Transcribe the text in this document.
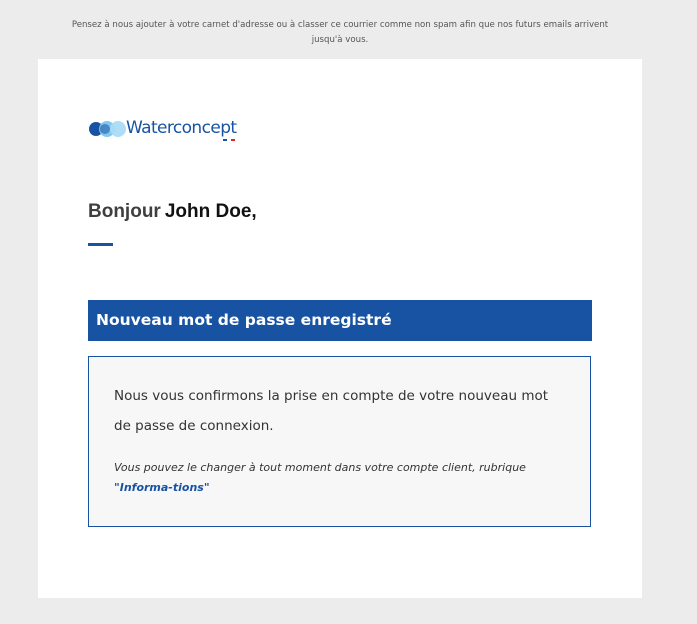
Pensez à nous ajouter à votre carnet d'adresse ou à classer ce courrier comme non spam afin que nos futurs emails arrivent jusqu'à vous.
Waterconcept
Bonjour John Doe,
Nouveau mot de passe enregistré
Nous vous confirmons la prise en compte de votre nouveau mot de passe de connexion.
Vous pouvez le changer à tout moment dans votre compte client, rubrique "Informa-tions"
